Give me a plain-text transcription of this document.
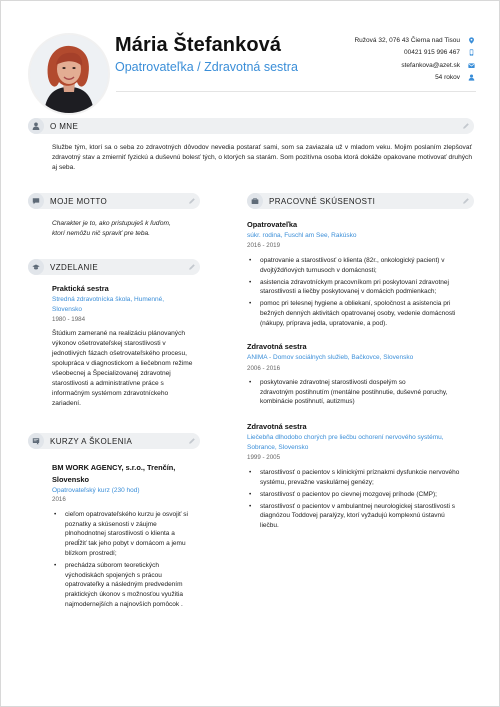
Mária Štefanková
Opatrovateľka / Zdravotná sestra
Ružová 32, 076 43 Čierna nad Tisou
00421 915 996 467
stefankova@azet.sk
54 rokov
O MNE
Službe tým, ktorí sa o seba zo zdravotných dôvodov nevedia postarať sami, som sa zaviazala už v mladom veku. Mojim poslaním zlepšovať zdravotný stav a zmierniť fyzickú a duševnú bolesť tých, o ktorých sa starám. Som pozitívna osoba ktorá dokáže opakovane motivovať druhých aj seba.
MOJE MOTTO
Charakter je to, ako pristupuješ k ľuďom,
ktorí nemôžu nič spraviť pre teba.
VZDELANIE
Praktická sestra
Stredná zdravotnícka škola, Humenné,
Slovensko
1980 - 1984
Štúdium zamerané na realizáciu plánovaných
výkonov ošetrovateľskej starostlivosti v
jednotlivých fázach ošetrovateľského procesu,
spolupráca v diagnostickom a liečebnom režime
všeobecnej a Špecializovanej zdravotnej
starostlivosti a administratívne práce s
informačným systémom zdravotníckeho
zariadení.
KURZY A ŠKOLENIA
BM WORK AGENCY, s.r.o., Trenčín,
Slovensko
Opatrovateľský kurz (230 hod)
2016
• cieľom opatrovateľského kurzu je osvojiť si
poznatky a skúsenosti v záujme
plnohodnotnej starostlivosti o klienta a
predĺžiť tak jeho pobyt v domácom a jemu
blízkom prostredí;
• prechádza súborom teoretických
východiskách spojených s prácou
opatrovateľky a následným predvedením
praktických úkonov s možnosťou využitia
najmodernejších a najnovších pomôcok .
PRACOVNÉ SKÚSENOSTI
Opatrovateľka
súkr. rodina, Fuschl am See, Rakúsko
2016 - 2019
• opatrovanie a starostlivosť o klienta (82r., onkologický pacient) v
dvojtýždňových turnusoch v domácnosti;
• asistencia zdravotníckym pracovníkom pri poskytovaní zdravotnej
starostlivosti a liečby poskytovanej v domácich podmienkach;
• pomoc pri telesnej hygiene a obliekaní, spoločnost a asistencia pri
bežných denných aktivitách opatrovanej osoby, vedenie domácnosti
(nákupy, príprava jedla, upratovanie, a pod).
Zdravotná sestra
ANIMA - Domov sociálnych služieb, Bačkovce, Slovensko
2006 - 2016
• poskytovanie zdravotnej starostlivosti dospelým so
zdravotným postihnutím (mentálne postihnutie, duševné poruchy,
kombinácie postihnutí, autizmus)
Zdravotná sestra
Liečebňa dlhodobo chorých pre liečbu ochorení nervového systému,
Sobrance, Slovensko
1999 - 2005
• starostlivosť o pacientov s klinickými príznakmi dysfunkcie nervového
systému, prevažne vaskulárnej genézy;
• starostlivosť o pacientov po cievnej mozgovej príhode (CMP);
• starostlivosť o pacientov v ambulantnej neurologickej starostlivosti s
diagnózou Toddovej paralýzy, ktorí vyžadujú komplexnú ústavnú
liečbu.
